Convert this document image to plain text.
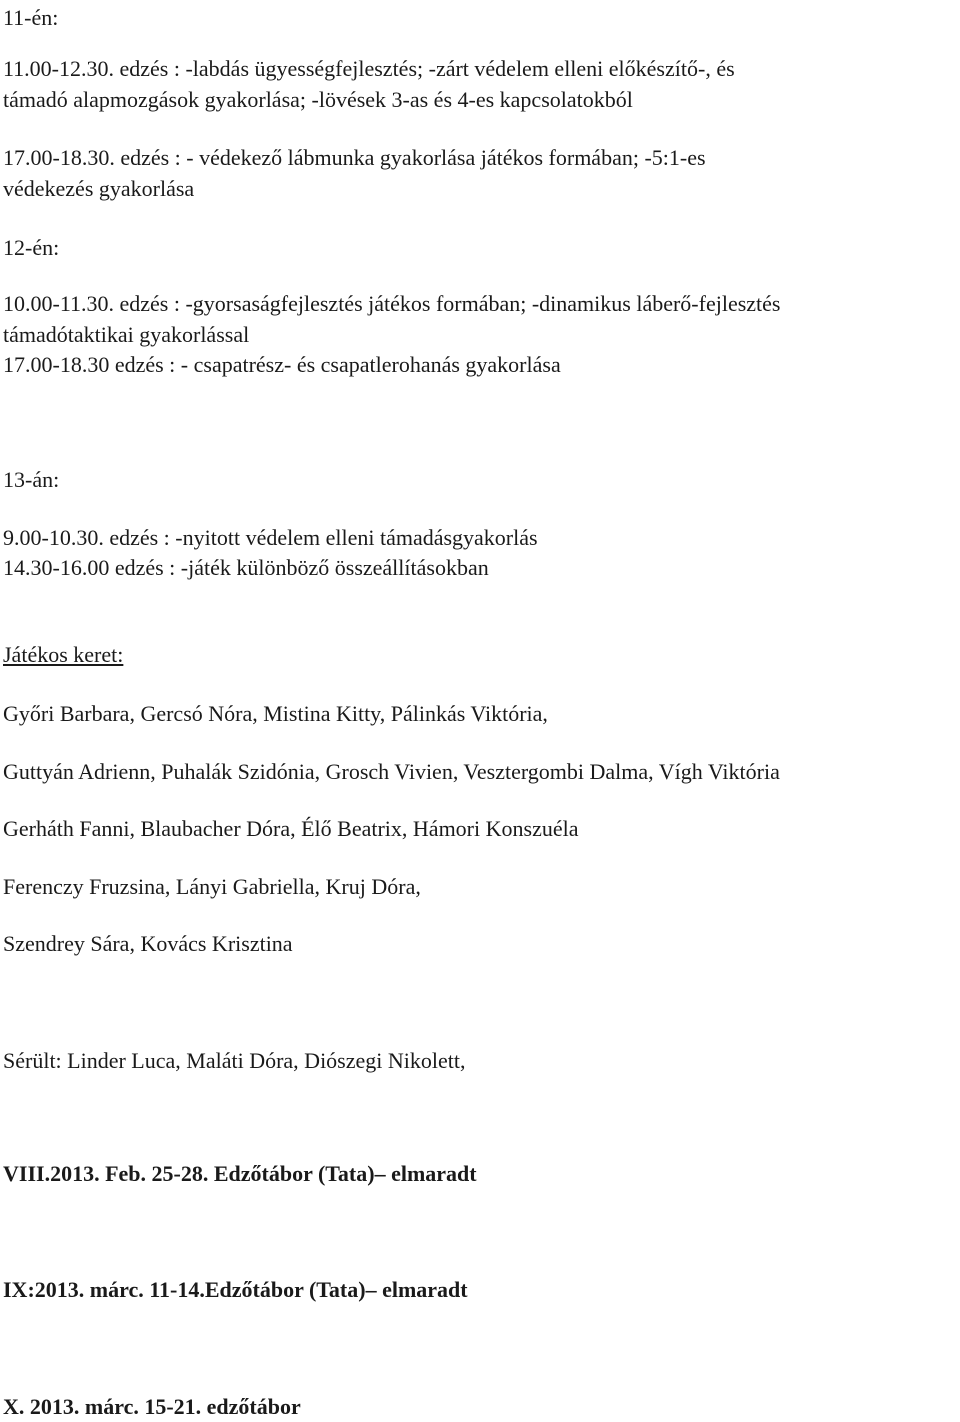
11-én:
11.00-12.30. edzés : -labdás ügyességfejlesztés; -zárt védelem elleni előkészítő-, és
támadó alapmozgások gyakorlása; -lövések 3-as és 4-es kapcsolatokból
17.00-18.30. edzés : - védekező lábmunka gyakorlása játékos formában; -5:1-es
védekezés gyakorlása
12-én:
10.00-11.30. edzés : -gyorsaságfejlesztés játékos formában; -dinamikus láberő-fejlesztés
támadótaktikai gyakorlással
17.00-18.30 edzés : - csapatrész- és csapatlerohanás gyakorlása
13-án:
9.00-10.30. edzés : -nyitott védelem elleni támadásgyakorlás
14.30-16.00 edzés : -játék különböző összeállításokban
Játékos keret:
Győri Barbara, Gercsó Nóra, Mistina Kitty, Pálinkás Viktória,
Guttyán Adrienn, Puhalák Szidónia, Grosch Vivien, Vesztergombi Dalma, Vígh Viktória
Gerháth Fanni, Blaubacher Dóra, Élő Beatrix, Hámori Konszuéla
Ferenczy Fruzsina, Lányi Gabriella, Kruj Dóra,
Szendrey Sára, Kovács Krisztina
Sérült: Linder Luca, Maláti Dóra, Diószegi Nikolett,
VIII.2013. Feb. 25-28. Edzőtábor (Tata)– elmaradt
IX:2013. márc. 11-14.Edzőtábor (Tata)– elmaradt
X. 2013. márc. 15-21. edzőtábor
